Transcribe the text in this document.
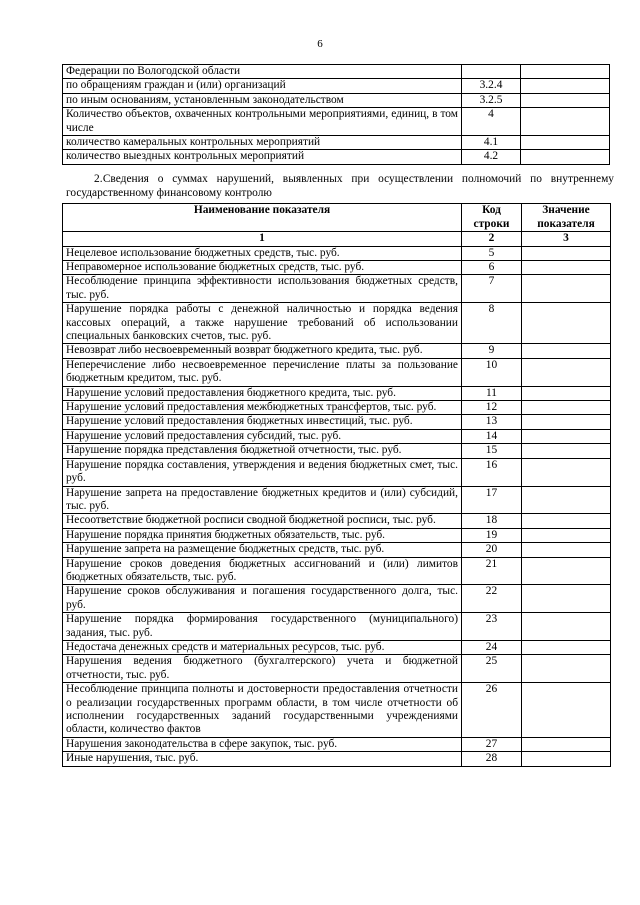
6
Федерации по Вологодской области		
по обращениям граждан и (или) организаций	3.2.4	
по иным основаниям, установленным законодательством	3.2.5	
Количество объектов, охваченных контрольными мероприятиями, единиц, в том числе	4	
количество камеральных контрольных мероприятий	4.1	
количество выездных контрольных мероприятий	4.2	
2. Сведения о суммах нарушений, выявленных при осуществлении полномочий по внутреннему государственному финансовому контролю
Наименование показателя	Код строки	Значение показателя
1	2	3
Нецелевое использование бюджетных средств, тыс. руб.	5	
Неправомерное использование бюджетных средств, тыс. руб.	6	
Несоблюдение принципа эффективности использования бюджетных средств, тыс. руб.	7	
Нарушение порядка работы с денежной наличностью и порядка ведения кассовых операций, а также нарушение требований об использовании специальных банковских счетов, тыс. руб.	8	
Невозврат либо несвоевременный возврат бюджетного кредита, тыс. руб.	9	
Неперечисление либо несвоевременное перечисление платы за пользование бюджетным кредитом, тыс. руб.	10	
Нарушение условий предоставления бюджетного кредита, тыс. руб.	11	
Нарушение условий предоставления межбюджетных трансфертов, тыс. руб.	12	
Нарушение условий предоставления бюджетных инвестиций, тыс. руб.	13	
Нарушение условий предоставления субсидий, тыс. руб.	14	
Нарушение порядка представления бюджетной отчетности, тыс. руб.	15	
Нарушение порядка составления, утверждения и ведения бюджетных смет, тыс. руб.	16	
Нарушение запрета на предоставление бюджетных кредитов и (или) субсидий, тыс. руб.	17	
Несоответствие бюджетной росписи сводной бюджетной росписи, тыс. руб.	18	
Нарушение порядка принятия бюджетных обязательств, тыс. руб.	19	
Нарушение запрета на размещение бюджетных средств, тыс. руб.	20	
Нарушение сроков доведения бюджетных ассигнований и (или) лимитов бюджетных обязательств, тыс. руб.	21	
Нарушение сроков обслуживания и погашения государственного долга, тыс. руб.	22	
Нарушение порядка формирования государственного (муниципального) задания, тыс. руб.	23	
Недостача денежных средств и материальных ресурсов, тыс. руб.	24	
Нарушения ведения бюджетного (бухгалтерского) учета и бюджетной отчетности, тыс. руб.	25	
Несоблюдение принципа полноты и достоверности предоставления отчетности о реализации государственных программ области, в том числе отчетности об исполнении государственных заданий государственными учреждениями области, количество фактов	26	
Нарушения законодательства в сфере закупок, тыс. руб.	27	
Иные нарушения, тыс. руб.	28	
